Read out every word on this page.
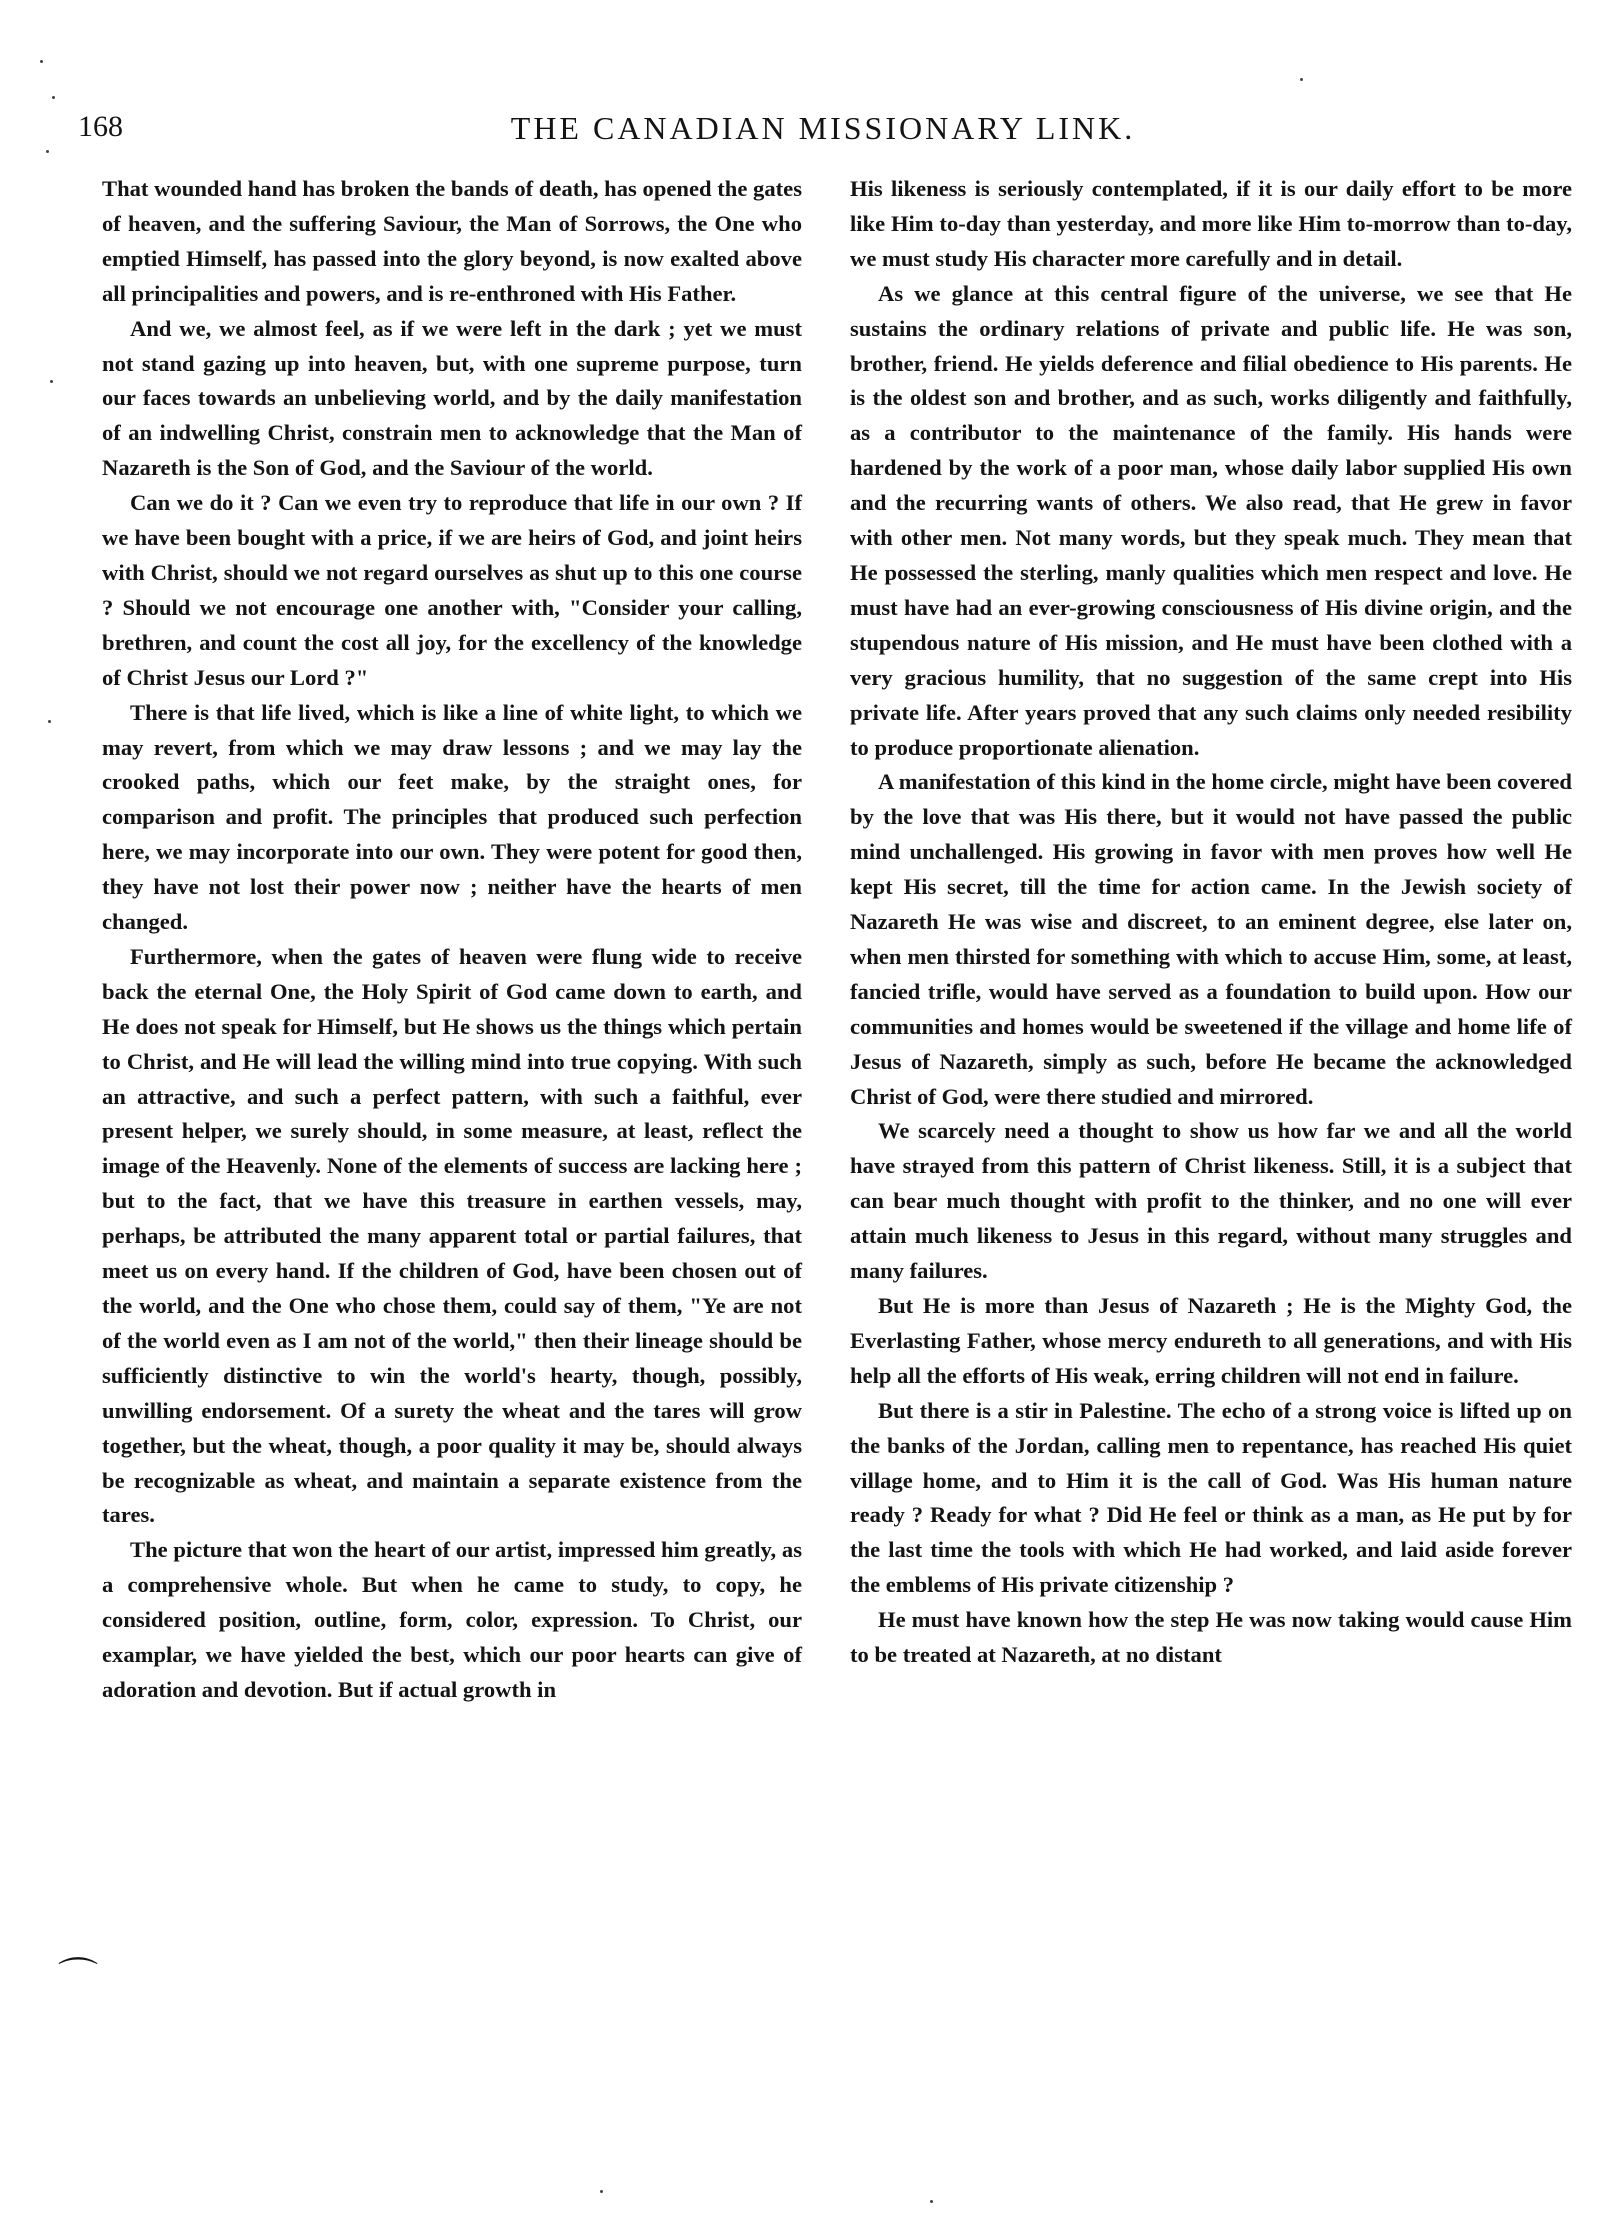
168	THE CANADIAN MISSIONARY LINK.

That wounded hand has broken the bands of death, has opened the gates of heaven, and the suffering Saviour, the Man of Sorrows, the One who emptied Himself, has passed into the glory beyond, is now exalted above all principalities and powers, and is re-enthroned with His Father.

And we, we almost feel, as if we were left in the dark ; yet we must not stand gazing up into heaven, but, with one supreme purpose, turn our faces towards an unbelieving world, and by the daily manifestation of an indwelling Christ, constrain men to acknowledge that the Man of Nazareth is the Son of God, and the Saviour of the world.

Can we do it ? Can we even try to reproduce that life in our own ? If we have been bought with a price, if we are heirs of God, and joint heirs with Christ, should we not regard ourselves as shut up to this one course ? Should we not encourage one another with, "Consider your calling, brethren, and count the cost all joy, for the excellency of the knowledge of Christ Jesus our Lord ?"

There is that life lived, which is like a line of white light, to which we may revert, from which we may draw lessons ; and we may lay the crooked paths, which our feet make, by the straight ones, for comparison and profit. The principles that produced such perfection here, we may incorporate into our own. They were potent for good then, they have not lost their power now ; neither have the hearts of men changed.

Furthermore, when the gates of heaven were flung wide to receive back the eternal One, the Holy Spirit of God came down to earth, and He does not speak for Himself, but He shows us the things which pertain to Christ, and He will lead the willing mind into true copying. With such an attractive, and such a perfect pattern, with such a faithful, ever present helper, we surely should, in some measure, at least, reflect the image of the Heavenly. None of the elements of success are lacking here ; but to the fact, that we have this treasure in earthen vessels, may, perhaps, be attributed the many apparent total or partial failures, that meet us on every hand. If the children of God, have been chosen out of the world, and the One who chose them, could say of them, "Ye are not of the world even as I am not of the world," then their lineage should be sufficiently distinctive to win the world's hearty, though, possibly, unwilling endorsement. Of a surety the wheat and the tares will grow together, but the wheat, though, a poor quality it may be, should always be recognizable as wheat, and maintain a separate existence from the tares.

The picture that won the heart of our artist, impressed him greatly, as a comprehensive whole. But when he came to study, to copy, he considered position, outline, form, color, expression. To Christ, our examplar, we have yielded the best, which our poor hearts can give of adoration and devotion. But if actual growth in

His likeness is seriously contemplated, if it is our daily effort to be more like Him to-day than yesterday, and more like Him to-morrow than to-day, we must study His character more carefully and in detail.

As we glance at this central figure of the universe, we see that He sustains the ordinary relations of private and public life. He was son, brother, friend. He yields deference and filial obedience to His parents. He is the oldest son and brother, and as such, works diligently and faithfully, as a contributor to the maintenance of the family. His hands were hardened by the work of a poor man, whose daily labor supplied His own and the recurring wants of others. We also read, that He grew in favor with other men. Not many words, but they speak much. They mean that He possessed the sterling, manly qualities which men respect and love. He must have had an ever-growing consciousness of His divine origin, and the stupendous nature of His mission, and He must have been clothed with a very gracious humility, that no suggestion of the same crept into His private life. After years proved that any such claims only needed resibility to produce proportionate alienation.

A manifestation of this kind in the home circle, might have been covered by the love that was His there, but it would not have passed the public mind unchallenged. His growing in favor with men proves how well He kept His secret, till the time for action came. In the Jewish society of Nazareth He was wise and discreet, to an eminent degree, else later on, when men thirsted for something with which to accuse Him, some, at least, fancied trifle, would have served as a foundation to build upon. How our communities and homes would be sweetened if the village and home life of Jesus of Nazareth, simply as such, before He became the acknowledged Christ of God, were there studied and mirrored.

We scarcely need a thought to show us how far we and all the world have strayed from this pattern of Christ likeness. Still, it is a subject that can bear much thought with profit to the thinker, and no one will ever attain much likeness to Jesus in this regard, without many struggles and many failures.

But He is more than Jesus of Nazareth ; He is the Mighty God, the Everlasting Father, whose mercy endureth to all generations, and with His help all the efforts of His weak, erring children will not end in failure.

But there is a stir in Palestine. The echo of a strong voice is lifted up on the banks of the Jordan, calling men to repentance, has reached His quiet village home, and to Him it is the call of God. Was His human nature ready ? Ready for what ? Did He feel or think as a man, as He put by for the last time the tools with which He had worked, and laid aside forever the emblems of His private citizenship ?

He must have known how the step He was now taking would cause Him to be treated at Nazareth, at no distant

⌒
